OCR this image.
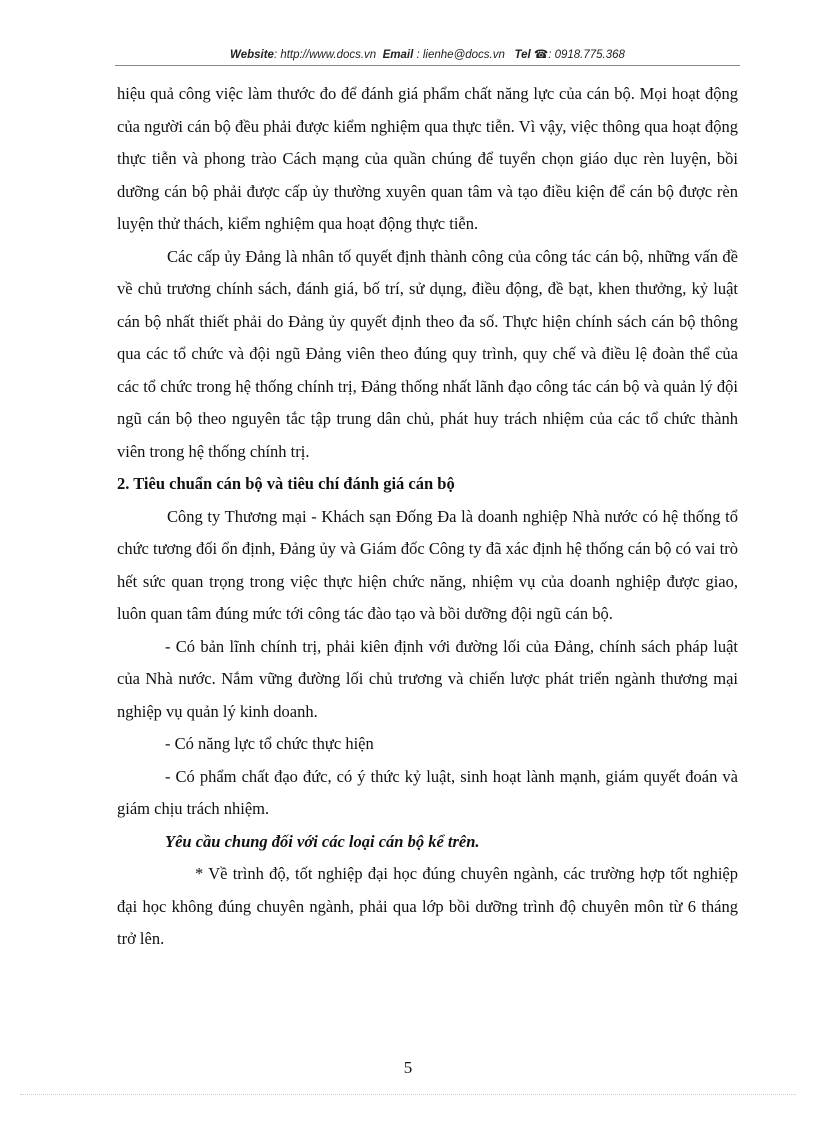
Website: http://www.docs.vn Email : lienhe@docs.vn Tel ☎: 0918.775.368

hiệu quả công việc làm thước đo để đánh giá phẩm chất năng lực của cán bộ. Mọi hoạt động của người cán bộ đều phải được kiểm nghiệm qua thực tiễn. Vì vậy, việc thông qua hoạt động thực tiễn và phong trào Cách mạng của quần chúng để tuyển chọn giáo dục rèn luyện, bồi dưỡng cán bộ phải được cấp ủy thường xuyên quan tâm và tạo điều kiện để cán bộ được rèn luyện thử thách, kiểm nghiệm qua hoạt động thực tiễn.

Các cấp ủy Đảng là nhân tố quyết định thành công của công tác cán bộ, những vấn đề về chủ trương chính sách, đánh giá, bố trí, sử dụng, điều động, đề bạt, khen thưởng, kỷ luật cán bộ nhất thiết phải do Đảng ủy quyết định theo đa số. Thực hiện chính sách cán bộ thông qua các tổ chức và đội ngũ Đảng viên theo đúng quy trình, quy chế và điều lệ đoàn thể của các tổ chức trong hệ thống chính trị, Đảng thống nhất lãnh đạo công tác cán bộ và quản lý đội ngũ cán bộ theo nguyên tắc tập trung dân chủ, phát huy trách nhiệm của các tổ chức thành viên trong hệ thống chính trị.

2. Tiêu chuẩn cán bộ và tiêu chí đánh giá cán bộ

Công ty Thương mại - Khách sạn Đống Đa là doanh nghiệp Nhà nước có hệ thống tổ chức tương đối ổn định, Đảng ủy và Giám đốc Công ty đã xác định hệ thống cán bộ có vai trò hết sức quan trọng trong việc thực hiện chức năng, nhiệm vụ của doanh nghiệp được giao, luôn quan tâm đúng mức tới công tác đào tạo và bồi dưỡng đội ngũ cán bộ.

- Có bản lĩnh chính trị, phải kiên định với đường lối của Đảng, chính sách pháp luật của Nhà nước. Nắm vững đường lối chủ trương và chiến lược phát triển ngành thương mại nghiệp vụ quản lý kinh doanh.

- Có năng lực tổ chức thực hiện

- Có phẩm chất đạo đức, có ý thức kỷ luật, sinh hoạt lành mạnh, giám quyết đoán và giám chịu trách nhiệm.

Yêu cầu chung đối với các loại cán bộ kể trên.

* Về trình độ, tốt nghiệp đại học đúng chuyên ngành, các trường hợp tốt nghiệp đại học không đúng chuyên ngành, phải qua lớp bồi dưỡng trình độ chuyên môn từ 6 tháng trở lên.

5
